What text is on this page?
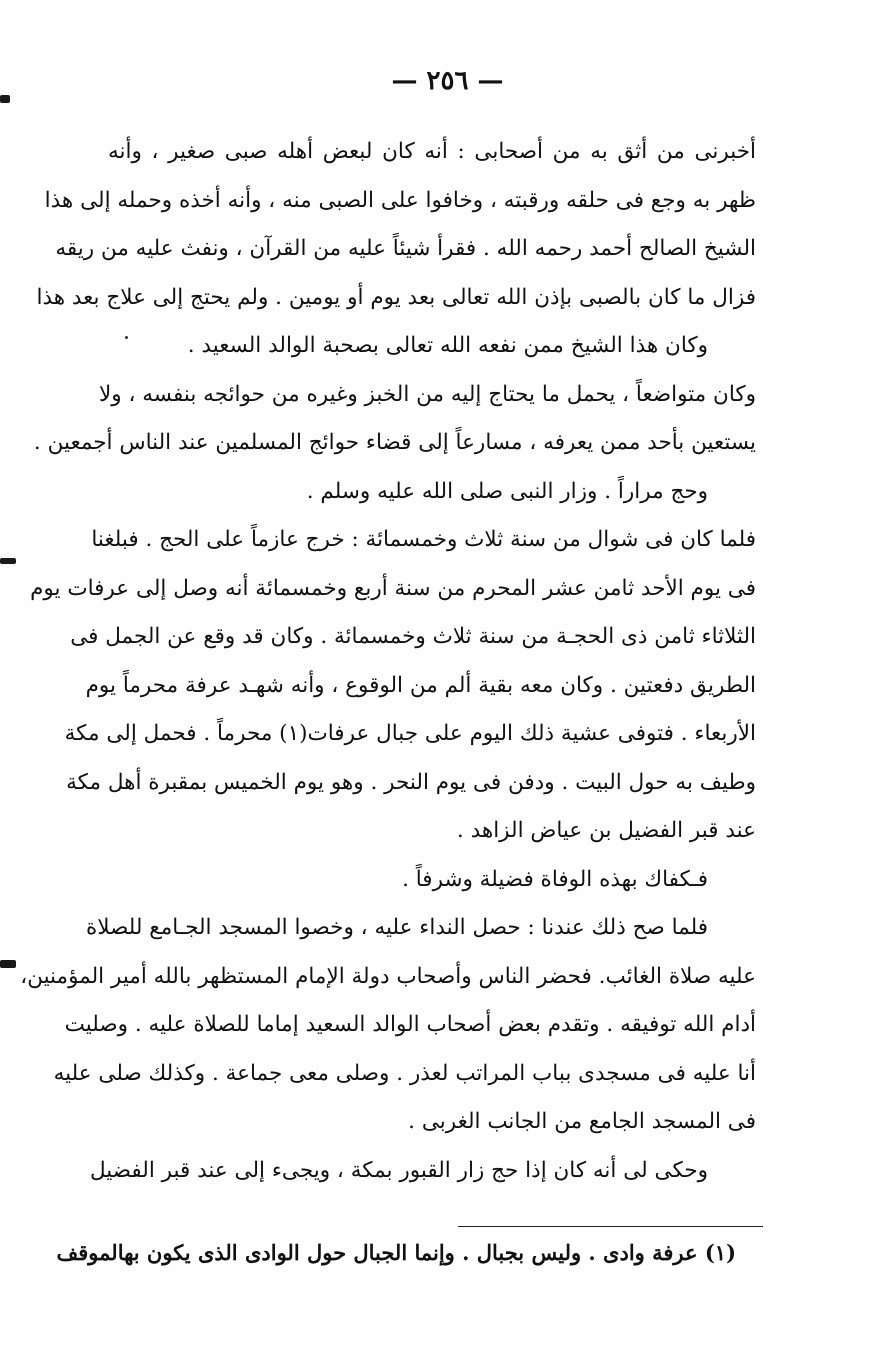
— ٢٥٦ —
أخبرنى من أثق به من أصحابى : أنه كان لبعض أهله صبى صغير ، وأنه
ظهر به وجع فى حلقه ورقبته ، وخافوا على الصبى منه ، وأنه أخذه وحمله إلى هذا
الشيخ الصالح أحمد رحمه الله . فقرأ شيئاً عليه من القرآن ، ونفث عليه من ريقه
فزال ما كان بالصبى بإذن الله تعالى بعد يوم أو يومين . ولم يحتج إلى علاج بعد هذا
وكان هذا الشيخ ممن نفعه الله تعالى بصحبة الوالد السعيد .
وكان متواضعاً ، يحمل ما يحتاج إليه من الخبز وغيره من حوائجه بنفسه ، ولا
يستعين بأحد ممن يعرفه ، مسارعاً إلى قضاء حوائج المسلمين عند الناس أجمعين .
وحج مراراً . وزار النبى صلى الله عليه وسلم .
فلما كان فى شوال من سنة ثلاث وخمسمائة : خرج عازماً على الحج . فبلغنا
فى يوم الأحد ثامن عشر المحرم من سنة أربع وخمسمائة أنه وصل إلى عرفات يوم
الثلاثاء ثامن ذى الحجـة من سنة ثلاث وخمسمائة . وكان قد وقع عن الجمل فى
الطريق دفعتين . وكان معه بقية ألم من الوقوع ، وأنه شهـد عرفة محرماً يوم
الأربعاء . فتوفى عشية ذلك اليوم على جبال عرفات(١) محرماً . فحمل إلى مكة
وطيف به حول البيت . ودفن فى يوم النحر . وهو يوم الخميس بمقبرة أهل مكة
عند قبر الفضيل بن عياض الزاهد .
فـكفاك بهذه الوفاة فضيلة وشرفاً .
فلما صح ذلك عندنا : حصل النداء عليه ، وخصوا المسجد الجـامع للصلاة
عليه صلاة الغائب. فحضر الناس وأصحاب دولة الإمام المستظهر بالله أمير المؤمنين،
أدام الله توفيقه . وتقدم بعض أصحاب الوالد السعيد إماما للصلاة عليه . وصليت
أنا عليه فى مسجدى بباب المراتب لعذر . وصلى معى جماعة . وكذلك صلى عليه
فى المسجد الجامع من الجانب الغربى .
وحكى لى أنه كان إذا حج زار القبور بمكة ، ويجىء إلى عند قبر الفضيل
(١) عرفة وادى . وليس بجبال . وإنما الجبال حول الوادى الذى يكون بهالموقف
